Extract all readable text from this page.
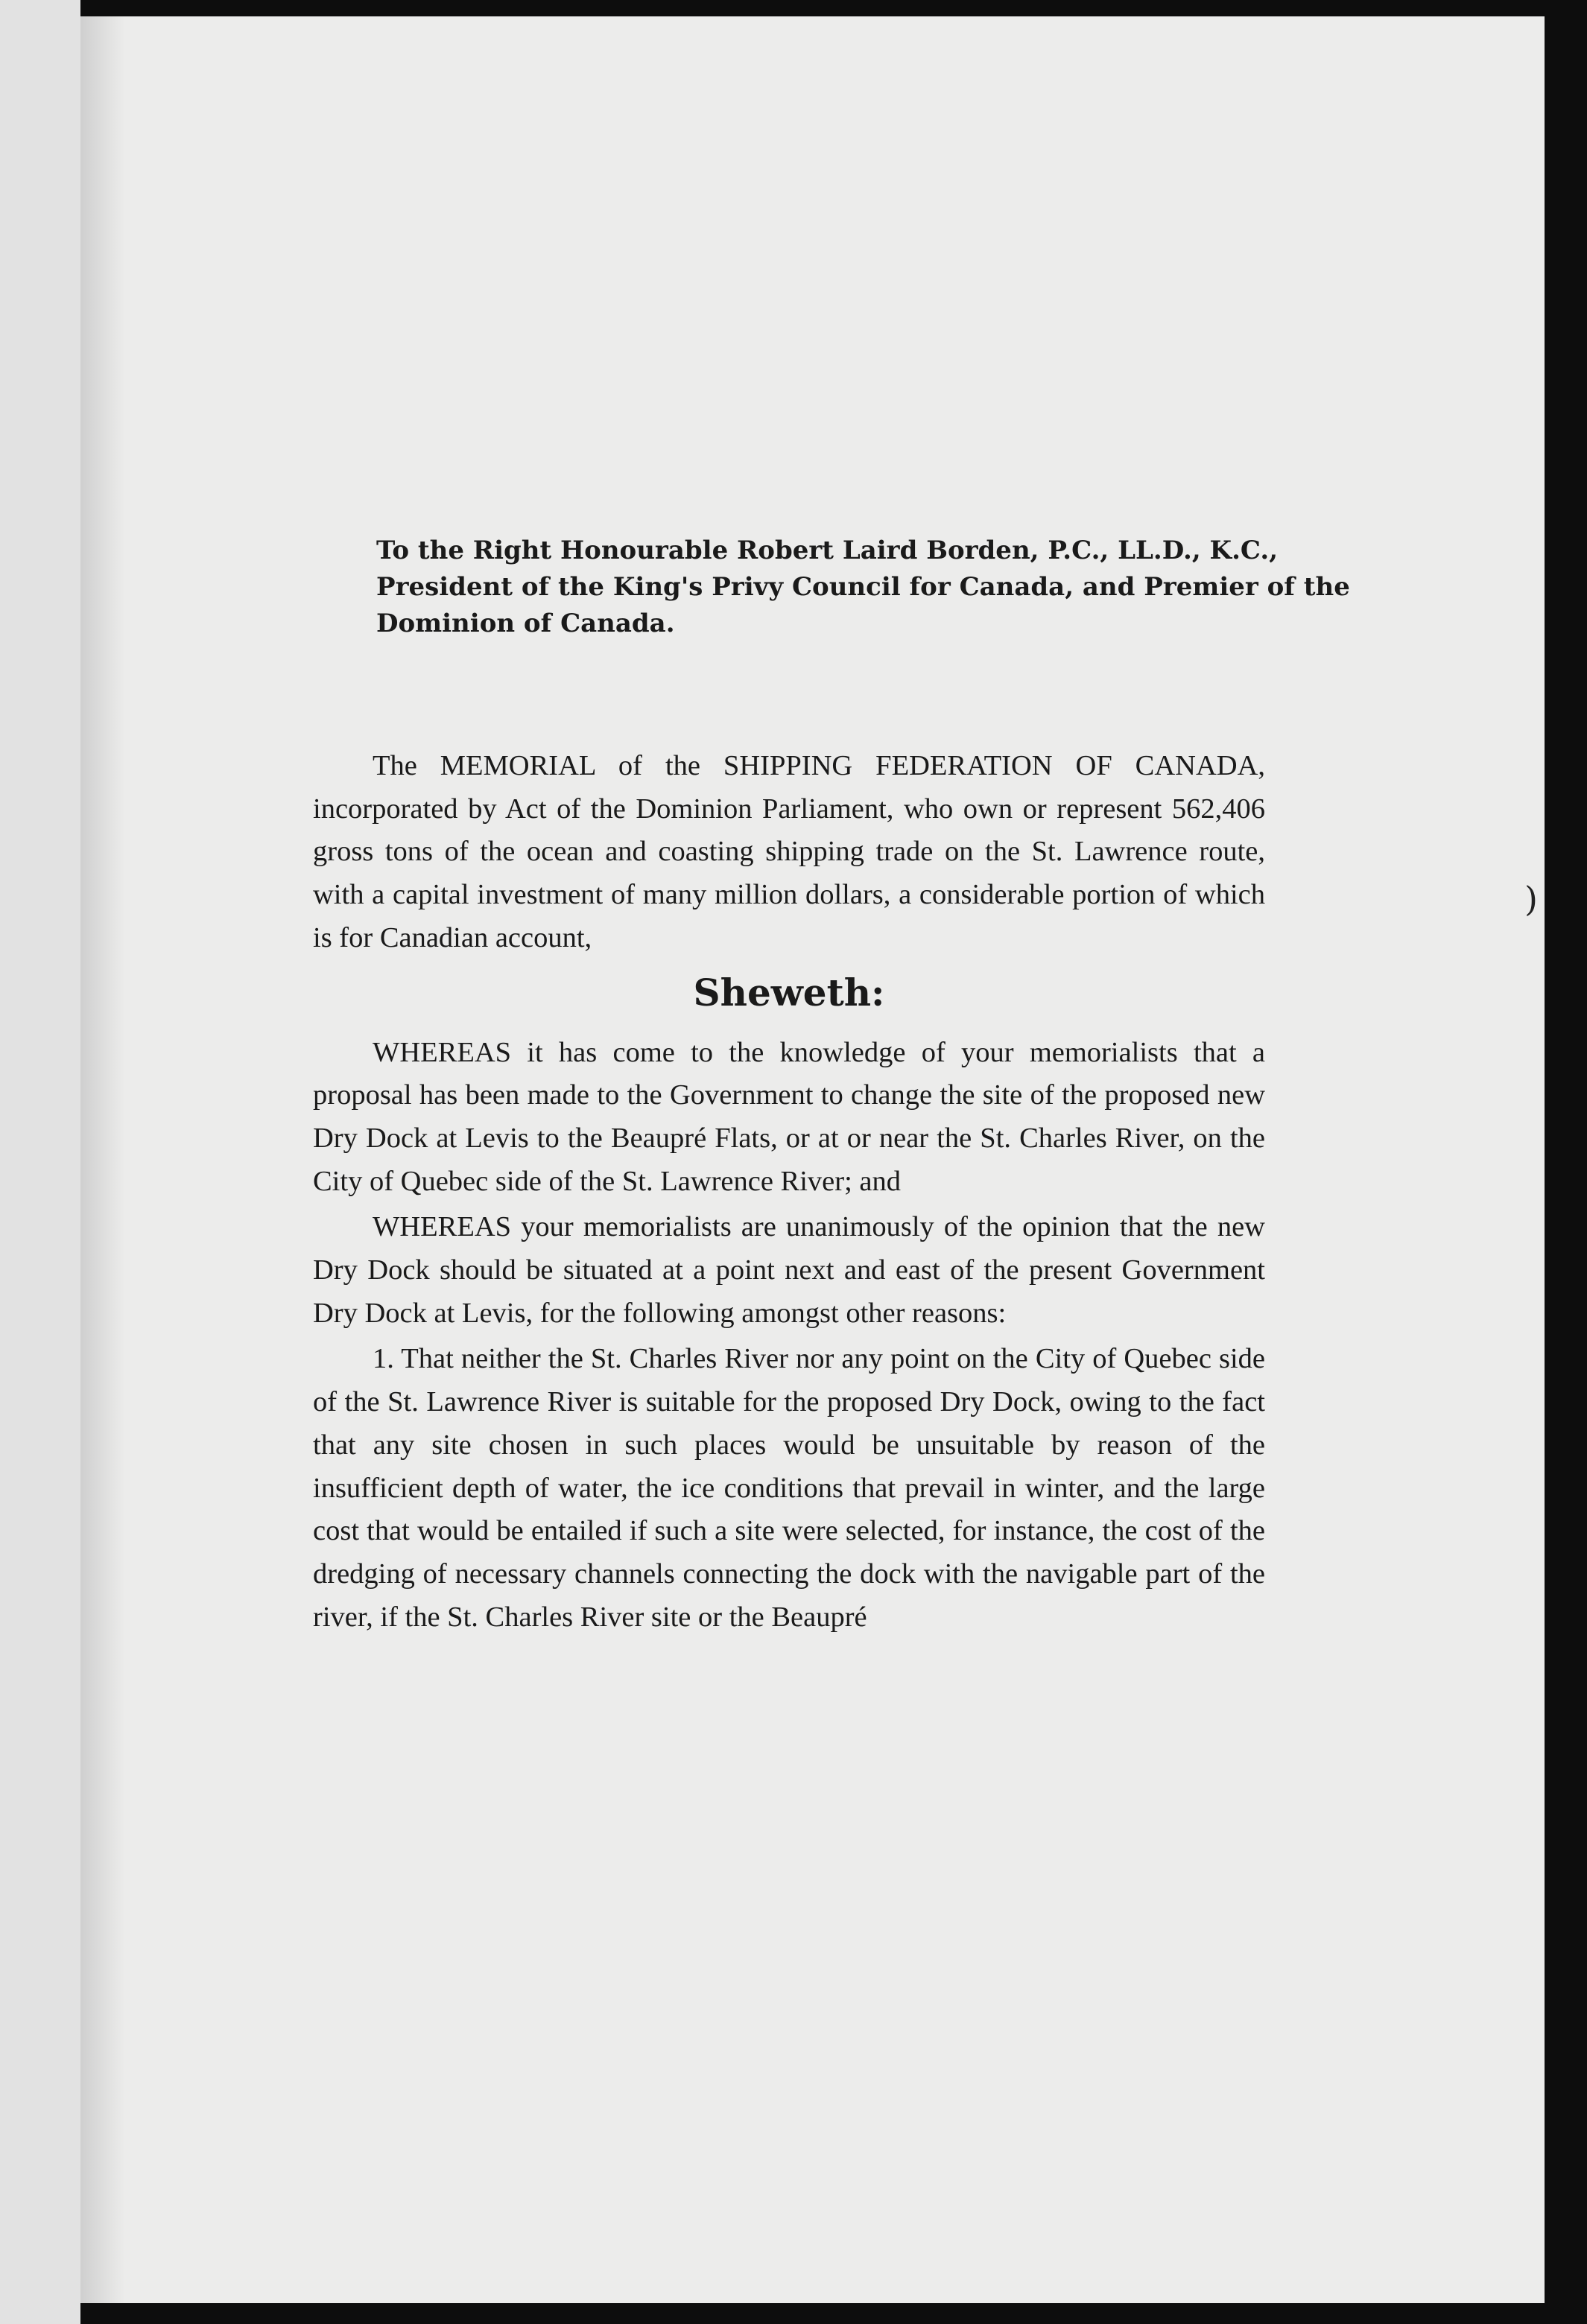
To the Right Honourable Robert Laird Borden, P.C., LL.D., K.C.,
President of the King's Privy Council for Canada, and Premier of the
Dominion of Canada.

The MEMORIAL of the SHIPPING FEDERATION OF CANADA, incorporated by Act of the Dominion Parliament, who own or represent 562,406 gross tons of the ocean and coasting shipping trade on the St. Lawrence route, with a capital investment of many million dollars, a considerable portion of which is for Canadian account,

Sheweth:

WHEREAS it has come to the knowledge of your memorialists that a proposal has been made to the Government to change the site of the proposed new Dry Dock at Levis to the Beaupré Flats, or at or near the St. Charles River, on the City of Quebec side of the St. Lawrence River; and

WHEREAS your memorialists are unanimously of the opinion that the new Dry Dock should be situated at a point next and east of the present Government Dry Dock at Levis, for the following amongst other reasons:

1. That neither the St. Charles River nor any point on the City of Quebec side of the St. Lawrence River is suitable for the proposed Dry Dock, owing to the fact that any site chosen in such places would be unsuitable by reason of the insufficient depth of water, the ice conditions that prevail in winter, and the large cost that would be entailed if such a site were selected, for instance, the cost of the dredging of necessary channels connecting the dock with the navigable part of the river, if the St. Charles River site or the Beaupré

)
